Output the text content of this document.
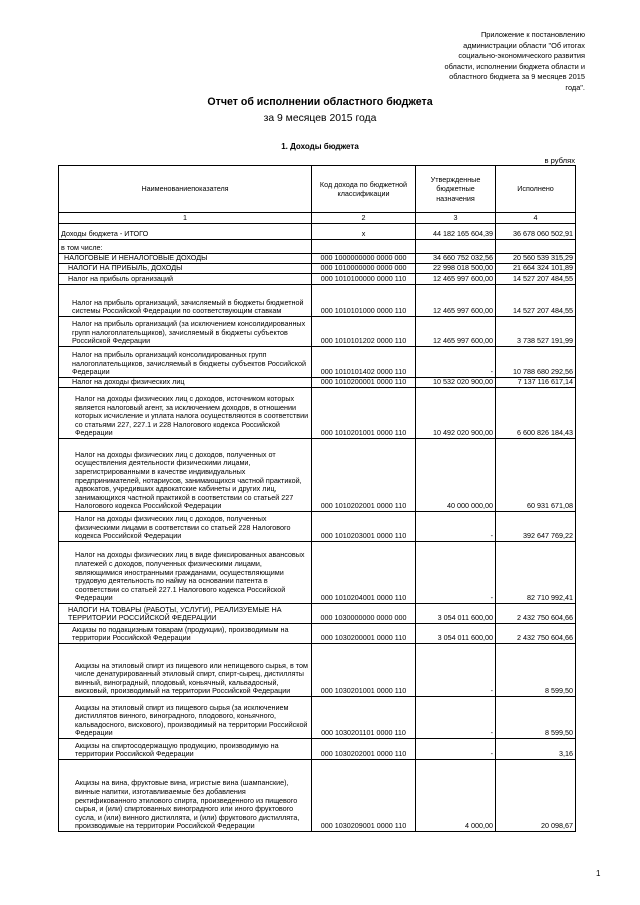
Приложение к постановлению
администрации области "Об итогах
социально-экономического развития
области, исполнении бюджета области и
областного бюджета за 9 месяцев 2015
года".
Отчет об исполнении областного бюджета
за 9 месяцев 2015 года
1. Доходы бюджета
в рублях
Наименованиепоказателя	Код дохода по бюджетной классификации	Утвержденные бюджетные назначения	Исполнено
1	2	3	4
Доходы бюджета - ИТОГО	x	44 182 165 604,39	36 678 060 502,91
в том числе:			
НАЛОГОВЫЕ И НЕНАЛОГОВЫЕ ДОХОДЫ	000 1000000000 0000 000	34 660 752 032,56	20 560 539 315,29
НАЛОГИ НА ПРИБЫЛЬ, ДОХОДЫ	000 1010000000 0000 000	22 998 018 500,00	21 664 324 101,89
Налог на прибыль организаций	000 1010100000 0000 110	12 465 997 600,00	14 527 207 484,55
Налог на прибыль организаций, зачисляемый в бюджеты бюджетной системы Российской Федерации по соответствующим ставкам	000 1010101000 0000 110	12 465 997 600,00	14 527 207 484,55
Налог на прибыль организаций (за исключением консолидированных групп налогоплательщиков), зачисляемый в бюджеты субъектов Российской Федерации	000 1010101202 0000 110	12 465 997 600,00	3 738 527 191,99
Налог на прибыль организаций консолидированных групп налогоплательщиков, зачисляемый в бюджеты субъектов Российской Федерации	000 1010101402 0000 110	-	10 788 680 292,56
Налог на доходы физических лиц	000 1010200001 0000 110	10 532 020 900,00	7 137 116 617,14
Налог на доходы физических лиц с доходов, источником которых является налоговый агент, за исключением доходов, в отношении которых исчисление и уплата налога осуществляются в соответствии со статьями 227, 227.1 и 228 Налогового кодекса Российской Федерации	000 1010201001 0000 110	10 492 020 900,00	6 600 826 184,43
Налог на доходы физических лиц с доходов, полученных от осуществления деятельности физическими лицами, зарегистрированными в качестве индивидуальных предпринимателей, нотариусов, занимающихся частной практикой, адвокатов, учредивших адвокатские кабинеты и других лиц, занимающихся частной практикой в соответствии со статьей 227 Налогового кодекса Российской Федерации	000 1010202001 0000 110	40 000 000,00	60 931 671,08
Налог на доходы физических лиц с доходов, полученных физическими лицами в соответствии со статьей 228 Налогового кодекса Российской Федерации	000 1010203001 0000 110	-	392 647 769,22
Налог на доходы физических лиц в виде фиксированных авансовых платежей с доходов, полученных физическими лицами, являющимися иностранными гражданами, осуществляющими трудовую деятельность по найму на основании патента в соответствии со статьей 227.1 Налогового кодекса Российской Федерации	000 1010204001 0000 110	-	82 710 992,41
НАЛОГИ НА ТОВАРЫ (РАБОТЫ, УСЛУГИ), РЕАЛИЗУЕМЫЕ НА ТЕРРИТОРИИ РОССИЙСКОЙ ФЕДЕРАЦИИ	000 1030000000 0000 000	3 054 011 600,00	2 432 750 604,66
Акцизы по подакцизным товарам (продукции), производимым на территории Российской Федерации	000 1030200001 0000 110	3 054 011 600,00	2 432 750 604,66
Акцизы на этиловый спирт из пищевого или непищевого сырья, в том числе денатурированный этиловый спирт, спирт-сырец, дистилляты винный, виноградный, плодовый, коньячный, кальвадосный, висковый, производимый на территории Российской Федерации	000 1030201001 0000 110	-	8 599,50
Акцизы на этиловый спирт из пищевого сырья (за исключением дистиллятов винного, виноградного, плодового, коньячного, кальвадосного, вискового), производимый на территории Российской Федерации	000 1030201101 0000 110	-	8 599,50
Акцизы на спиртосодержащую продукцию, производимую на территории Российской Федерации	000 1030202001 0000 110	-	3,16
Акцизы на вина, фруктовые вина, игристые вина (шампанские), винные напитки, изготавливаемые без добавления ректификованного этилового спирта, произведенного из пищевого сырья, и (или) спиртованных виноградного или иного фруктового сусла, и (или) винного дистиллята, и (или) фруктового дистиллята, производимые на территории Российской Федерации	000 1030209001 0000 110	4 000,00	20 098,67
1
